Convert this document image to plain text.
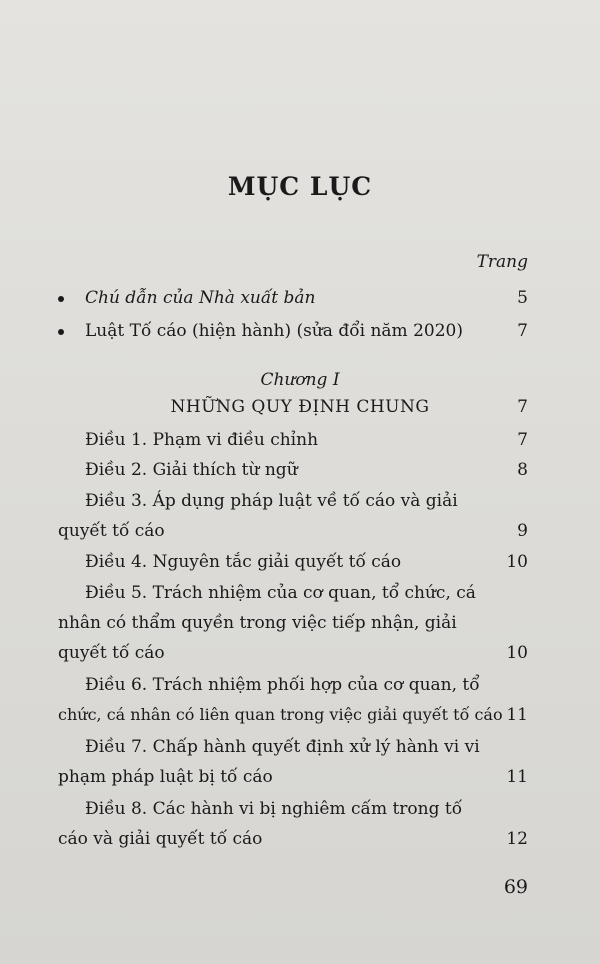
MỤC LỤC
Trang
Chú dẫn của Nhà xuất bản	5
Luật Tố cáo (hiện hành) (sửa đổi năm 2020)	7
Chương I
NHỮNG QUY ĐỊNH CHUNG	7
Điều 1. Phạm vi điều chỉnh	7
Điều 2. Giải thích từ ngữ	8
Điều 3. Áp dụng pháp luật về tố cáo và giải
quyết tố cáo	9
Điều 4. Nguyên tắc giải quyết tố cáo	10
Điều 5. Trách nhiệm của cơ quan, tổ chức, cá
nhân có thẩm quyền trong việc tiếp nhận, giải
quyết tố cáo	10
Điều 6. Trách nhiệm phối hợp của cơ quan, tổ
chức, cá nhân có liên quan trong việc giải quyết tố cáo 11
Điều 7. Chấp hành quyết định xử lý hành vi vi
phạm pháp luật bị tố cáo	11
Điều 8. Các hành vi bị nghiêm cấm trong tố
cáo và giải quyết tố cáo	12
69
